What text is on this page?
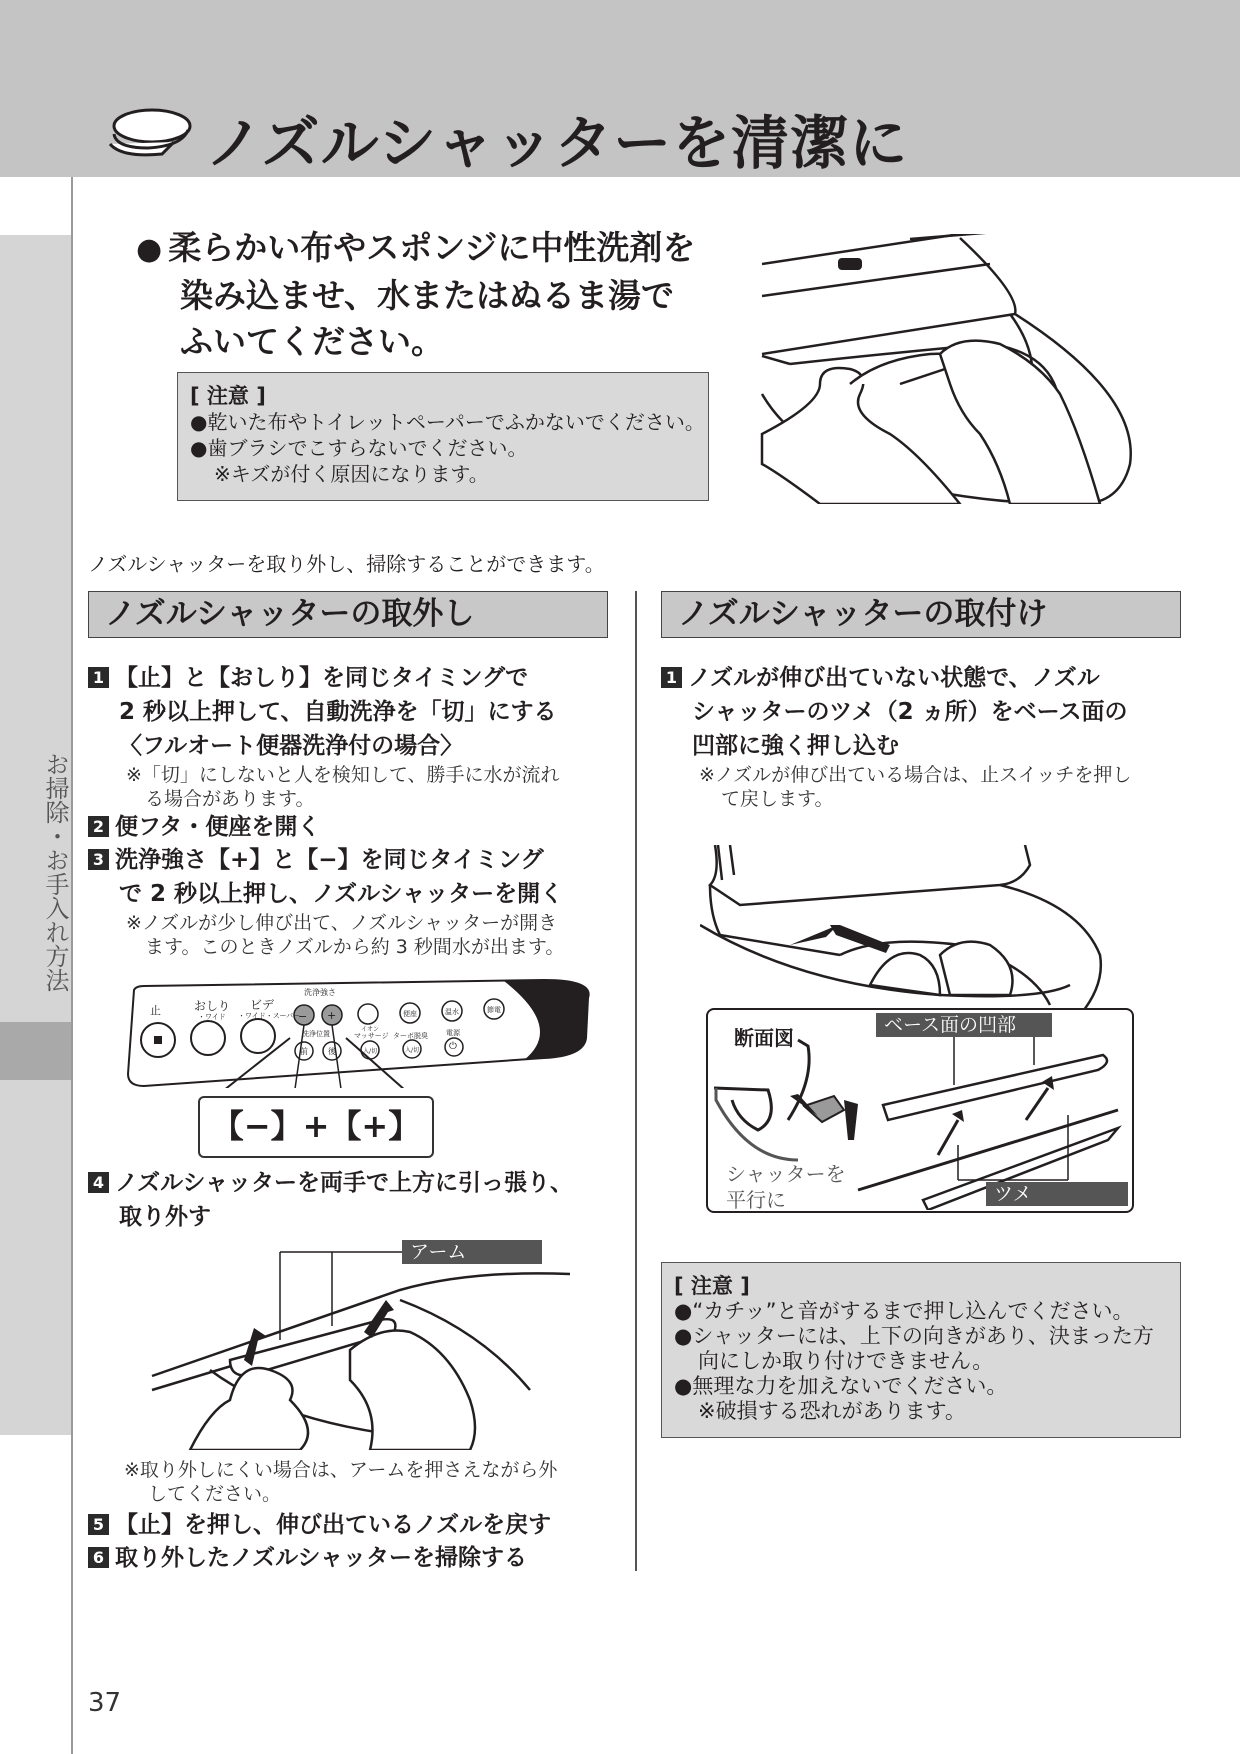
ノズルシャッターを清潔に
お掃除・お手入れ方法
● 柔らかい布やスポンジに中性洗剤を
染み込ませ、水またはぬるま湯で
ふいてください。
[ 注意 ]
●乾いた布やトイレットペーパーでふかないでください。
●歯ブラシでこすらないでください。
※キズが付く原因になります。
ノズルシャッターを取り外し、掃除することができます。
ノズルシャッターの取外し	ノズルシャッターの取付け
1 【止】と【おしり】を同じタイミングで
2 秒以上押して、自動洗浄を「切」にする
〈フルオート便器洗浄付の場合〉
※「切」にしないと人を検知して、勝手に水が流れ
る場合があります。
2 便フタ・便座を開く
3 洗浄強さ【+】と【−】を同じタイミング
で 2 秒以上押し、ノズルシャッターを開く
※ノズルが少し伸び出て、ノズルシャッターが開き
ます。このときノズルから約 3 秒間水が出ます。
止	おしり
・ワイド
ビデ
・ワイド・スーパー
洗浄強さ
− +
洗浄位置
前	後
イオン
マッサージ
入/切
ターボ脱臭
入/切
便座	温水
電源
⏻
節電
【−】+【+】
4 ノズルシャッターを両手で上方に引っ張り、
取り外す
アーム
※取り外しにくい場合は、アームを押さえながら外
してください。
5 【止】を押し、伸び出ているノズルを戻す
6 取り外したノズルシャッターを掃除する
1 ノズルが伸び出ていない状態で、ノズル
シャッターのツメ（2 ヵ所）をベース面の
凹部に強く押し込む
※ノズルが伸び出ている場合は、止スイッチを押し
て戻します。
断面図
ベース面の凹部
シャッターを
平行に	ツメ
[ 注意 ]
●“カチッ”と音がするまで押し込んでください。
●シャッターには、上下の向きがあり、決まった方
向にしか取り付けできません。
●無理な力を加えないでください。
※破損する恐れがあります。
37
